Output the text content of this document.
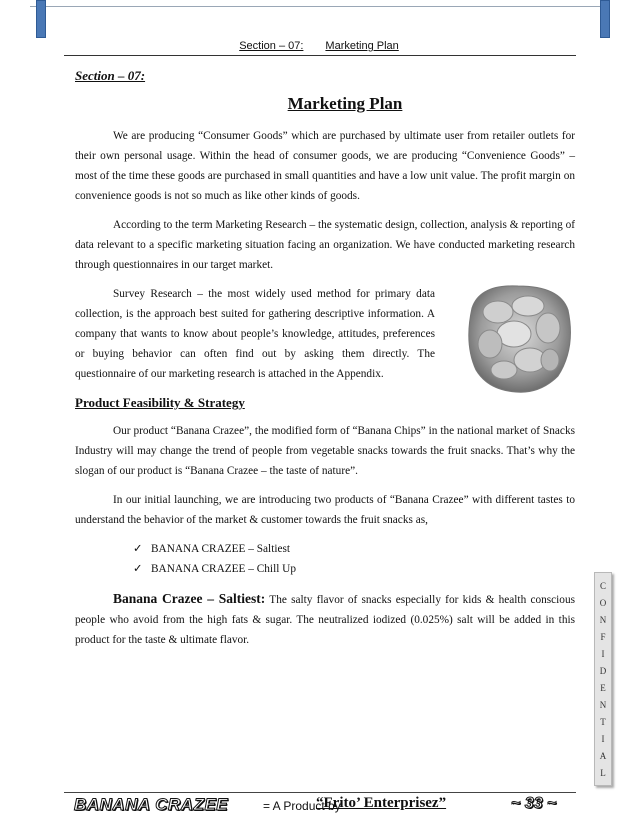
Section – 07: Marketing Plan
Section – 07:
Marketing Plan

We are producing “Consumer Goods” which are purchased by ultimate user from retailer outlets for their own personal usage. Within the head of consumer goods, we are producing “Convenience Goods” – most of the time these goods are purchased in small quantities and have a low unit value. The profit margin on convenience goods is not so much as like other kinds of goods.

According to the term Marketing Research – the systematic design, collection, analysis & reporting of data relevant to a specific marketing situation facing an organization. We have conducted marketing research through questionnaires in our target market.

Survey Research – the most widely used method for primary data collection, is the approach best suited for gathering descriptive information. A company that wants to know about people’s knowledge, attitudes, preferences or buying behavior can often find out by asking them directly. The questionnaire of our marketing research is attached in the Appendix.

Product Feasibility & Strategy

Our product “Banana Crazee”, the modified form of “Banana Chips” in the national market of Snacks Industry will may change the trend of people from vegetable snacks towards the fruit snacks. That’s why the slogan of our product is “Banana Crazee – the taste of nature”.

In our initial launching, we are introducing two products of “Banana Crazee” with different tastes to understand the behavior of the market & customer towards the fruit snacks as,

✓ BANANA CRAZEE – Saltiest
✓ BANANA CRAZEE – Chill Up

Banana Crazee – Saltiest: The salty flavor of snacks especially for kids & health conscious people who avoid from the high fats & sugar. The neutralized iodized (0.025%) salt will be added in this product for the taste & ultimate flavor.

C
O
N
F
I
D
E
N
T
I
A
L
BANANA CRAZEE	= A Product by
“Frito’ Enterprisez”	~ 33 ~
